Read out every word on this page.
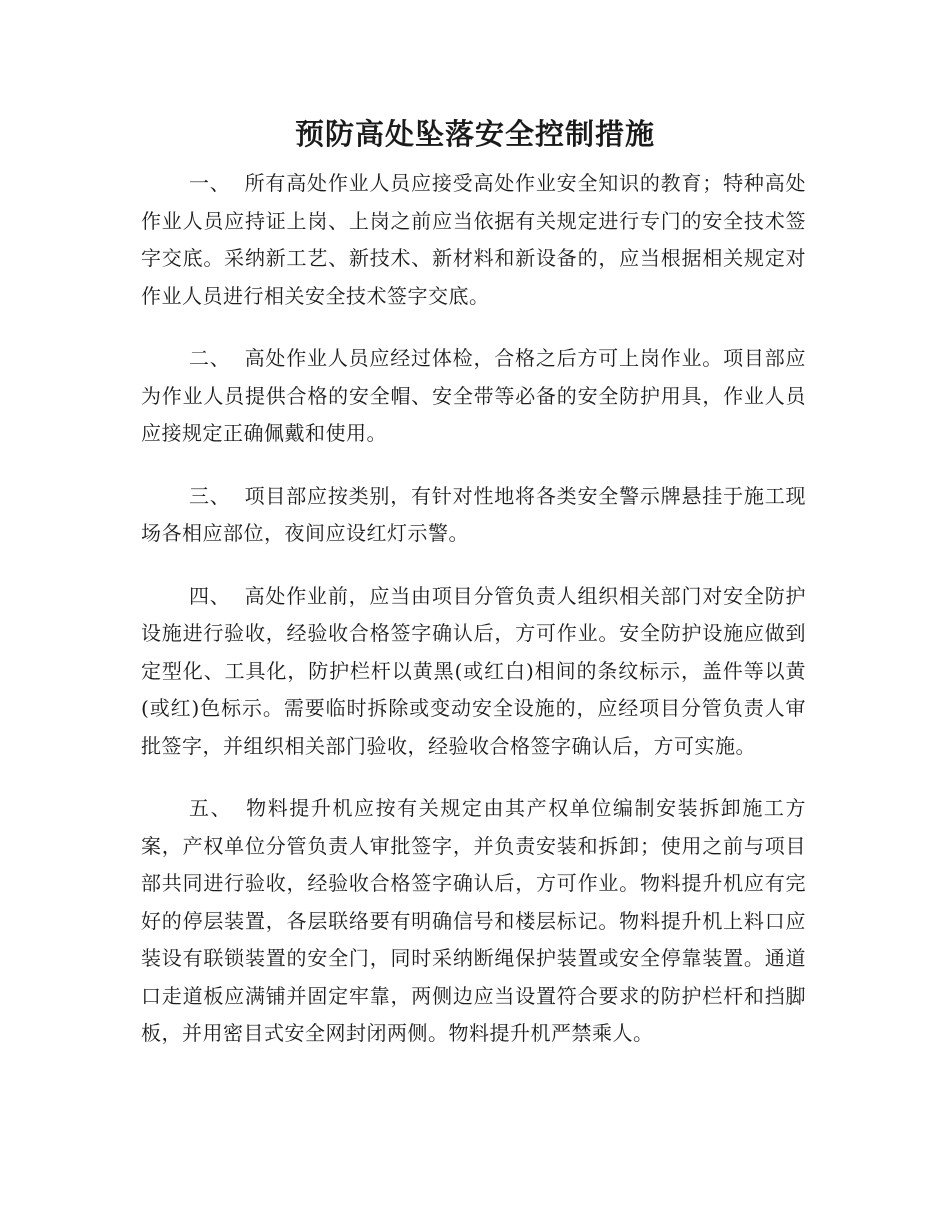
预防高处坠落安全控制措施

一、 所有高处作业人员应接受高处作业安全知识的教育；特种高处作业人员应持证上岗、上岗之前应当依据有关规定进行专门的安全技术签字交底。采纳新工艺、新技术、新材料和新设备的，应当根据相关规定对作业人员进行相关安全技术签字交底。

二、 高处作业人员应经过体检，合格之后方可上岗作业。项目部应为作业人员提供合格的安全帽、安全带等必备的安全防护用具，作业人员应接规定正确佩戴和使用。

三、 项目部应按类别，有针对性地将各类安全警示牌悬挂于施工现场各相应部位，夜间应设红灯示警。

四、 高处作业前，应当由项目分管负责人组织相关部门对安全防护设施进行验收，经验收合格签字确认后，方可作业。安全防护设施应做到定型化、工具化，防护栏杆以黄黑(或红白)相间的条纹标示，盖件等以黄 (或红)色标示。需要临时拆除或变动安全设施的，应经项目分管负责人审批签字，并组织相关部门验收，经验收合格签字确认后，方可实施。

五、 物料提升机应按有关规定由其产权单位编制安装拆卸施工方案，产权单位分管负责人审批签字，并负责安装和拆卸；使用之前与项目部共同进行验收，经验收合格签字确认后，方可作业。物料提升机应有完好的停层装置，各层联络要有明确信号和楼层标记。物料提升机上料口应装设有联锁装置的安全门，同时采纳断绳保护装置或安全停靠装置。通道口走道板应满铺并固定牢靠，两侧边应当设置符合要求的防护栏杆和挡脚板，并用密目式安全网封闭两侧。物料提升机严禁乘人。
